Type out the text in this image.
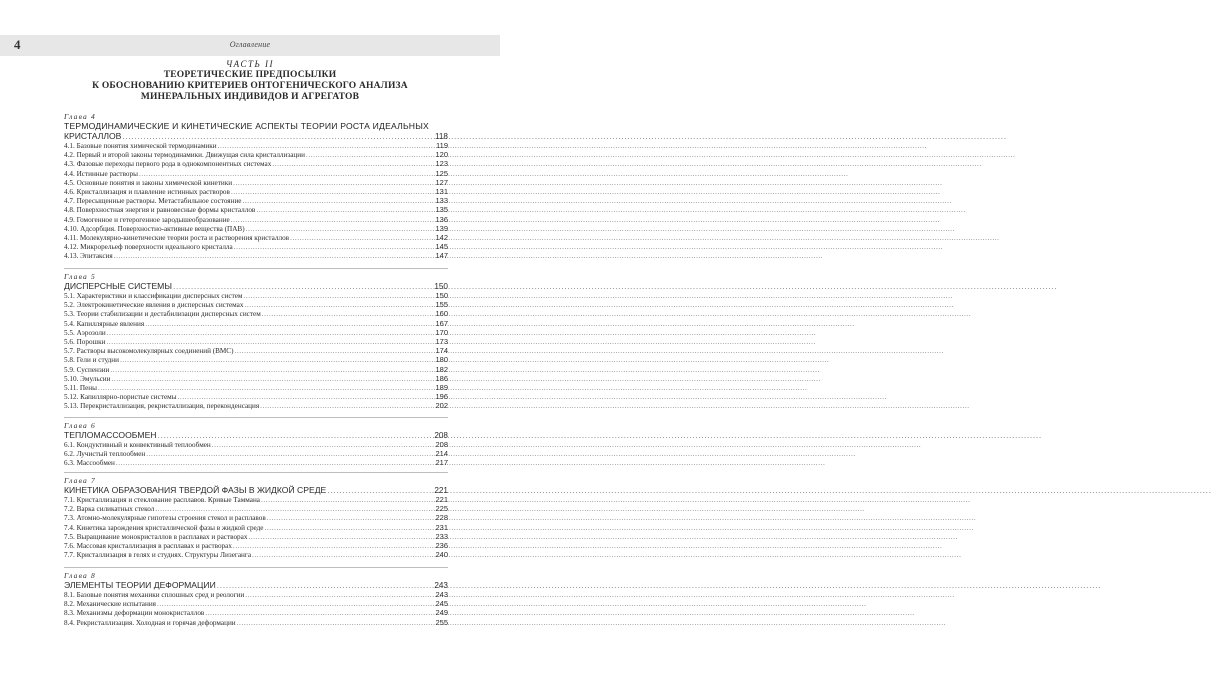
4	Оглавление
ЧАСТЬ II
ТЕОРЕТИЧЕСКИЕ ПРЕДПОСЫЛКИ
К ОБОСНОВАНИЮ КРИТЕРИЕВ ОНТОГЕНИЧЕСКОГО АНАЛИЗА
МИНЕРАЛЬНЫХ ИНДИВИДОВ И АГРЕГАТОВ
Глава 4
ТЕРМОДИНАМИЧЕСКИЕ И КИНЕТИЧЕСКИЕ АСПЕКТЫ ТЕОРИИ РОСТА ИДЕАЛЬНЫХ
КРИСТАЛЛОВ .....	118
4.1. Базовые понятия химической термодинамики .....	119
4.2. Первый и второй законы термодинамики. Движущая сила кристаллизации .....	120
4.3. Фазовые переходы первого рода в однокомпонентных системах .....	123
4.4. Истинные растворы .....	125
4.5. Основные понятия и законы химической кинетики .....	127
4.6. Кристаллизация и плавление истинных растворов .....	131
4.7. Пересыщенные растворы. Метастабильное состояние .....	133
4.8. Поверхностная энергия и равновесные формы кристаллов .....	135
4.9. Гомогенное и гетерогенное зародышеобразование .....	136
4.10. Адсорбция. Поверхностно-активные вещества (ПАВ) .....	139
4.11. Молекулярно-кинетические теории роста и растворения кристаллов .....	142
4.12. Микрорельеф поверхности идеального кристалла .....	145
4.13. Эпитаксия .....	147
Глава 5
ДИСПЕРСНЫЕ СИСТЕМЫ .....	150
5.1. Характеристики и классификации дисперсных систем .....	150
5.2. Электрокинетические явления в дисперсных системах .....	155
5.3. Теории стабилизации и дестабилизации дисперсных систем .....	160
5.4. Капиллярные явления .....	167
5.5. Аэрозоли .....	170
5.6. Порошки .....	173
5.7. Растворы высокомолекулярных соединений (ВМС) .....	174
5.8. Гели и студни .....	180
5.9. Суспензии .....	182
5.10. Эмульсии .....	186
5.11. Пены .....	189
5.12. Капиллярно-пористые системы .....	196
5.13. Перекристаллизация, рекристаллизация, переконденсация .....	202
Глава 6
ТЕПЛОМАССООБМЕН .....	208
6.1. Кондуктивный и конвективный теплообмен .....	208
6.2. Лучистый теплообмен .....	214
6.3. Массообмен .....	217
Глава 7
КИНЕТИКА ОБРАЗОВАНИЯ ТВЕРДОЙ ФАЗЫ В ЖИДКОЙ СРЕДЕ .....	221
7.1. Кристаллизация и стеклование расплавов. Кривые Таммана .....	221
7.2. Варка силикатных стекол .....	225
7.3. Атомно-молекулярные гипотезы строения стекол и расплавов .....	228
7.4. Кинетика зарождения кристаллической фазы в жидкой среде .....	231
7.5. Выращивание монокристаллов в расплавах и растворах .....	233
7.6. Массовая кристаллизация в расплавах и растворах .....	236
7.7. Кристаллизация в гелях и студнях. Структуры Лизеганга .....	240
Глава 8
ЭЛЕМЕНТЫ ТЕОРИИ ДЕФОРМАЦИИ .....	243
8.1. Базовые понятия механики сплошных сред и реологии .....	243
8.2. Механические испытания .....	245
8.3. Механизмы деформации монокристаллов .....	249
8.4. Рекристаллизация. Холодная и горячая деформации .....	255
